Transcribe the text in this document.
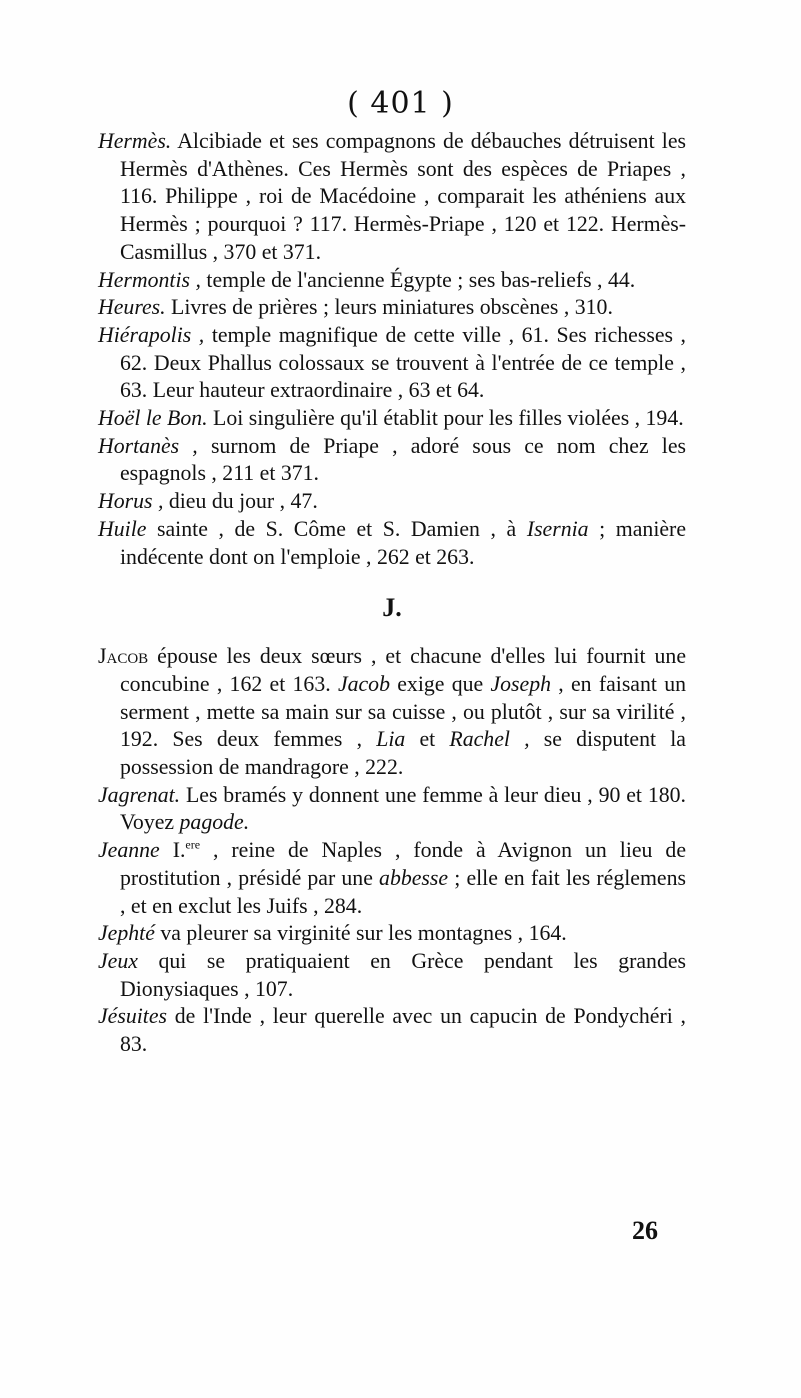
( 401 )

Hermès. Alcibiade et ses compagnons de débauches détruisent les Hermès d'Athènes. Ces Hermès sont des espèces de Priapes , 116. Philippe , roi de Macédoine , comparait les athéniens aux Hermès ; pourquoi ? 117. Hermès-Priape , 120 et 122. Hermès-Casmillus , 370 et 371.

Hermontis , temple de l'ancienne Égypte ; ses bas-reliefs , 44.

Heures. Livres de prières ; leurs miniatures obscènes , 310.

Hiérapolis , temple magnifique de cette ville , 61. Ses richesses , 62. Deux Phallus colossaux se trouvent à l'entrée de ce temple , 63. Leur hauteur extraordinaire , 63 et 64.

Hoël le Bon. Loi singulière qu'il établit pour les filles violées , 194.

Hortanès , surnom de Priape , adoré sous ce nom chez les espagnols , 211 et 371.

Horus , dieu du jour , 47.

Huile sainte , de S. Côme et S. Damien , à Isernia ; manière indécente dont on l'emploie , 262 et 263.

J.

Jacob épouse les deux sœurs , et chacune d'elles lui fournit une concubine , 162 et 163. Jacob exige que Joseph , en faisant un serment , mette sa main sur sa cuisse , ou plutôt , sur sa virilité , 192. Ses deux femmes , Lia et Rachel , se disputent la possession de mandragore , 222.

Jagrenat. Les bramés y donnent une femme à leur dieu , 90 et 180. Voyez pagode.

Jeanne I.$^{ere}$ , reine de Naples , fonde à Avignon un lieu de prostitution , présidé par une abbesse ; elle en fait les réglemens , et en exclut les Juifs , 284.

Jephté va pleurer sa virginité sur les montagnes , 164.

Jeux qui se pratiquaient en Grèce pendant les grandes Dionysiaques , 107.

Jésuites de l'Inde , leur querelle avec un capucin de Pondychéri , 83.

26
